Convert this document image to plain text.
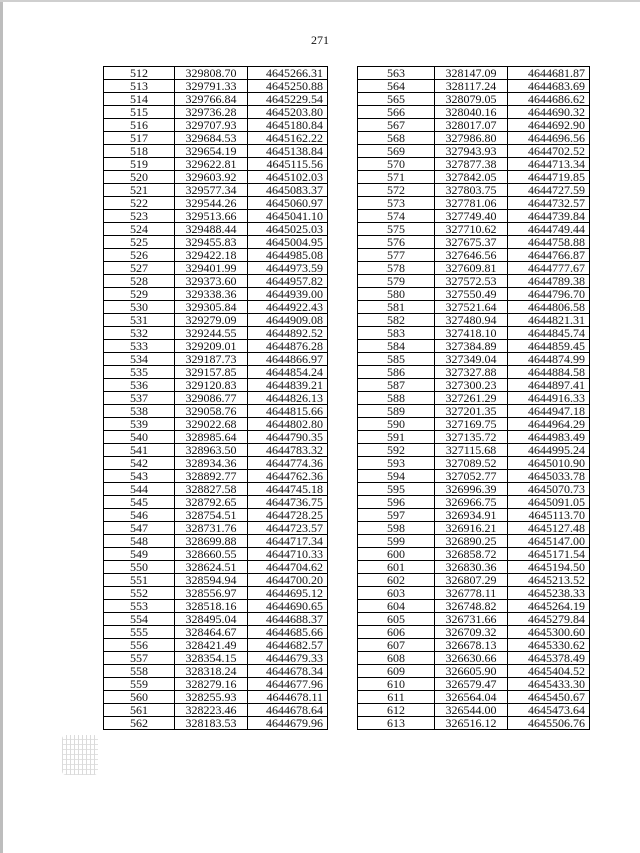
271
512	329808.70	4645266.31
513	329791.33	4645250.88
514	329766.84	4645229.54
515	329736.28	4645203.80
516	329707.93	4645180.84
517	329684.53	4645162.22
518	329654.19	4645138.84
519	329622.81	4645115.56
520	329603.92	4645102.03
521	329577.34	4645083.37
522	329544.26	4645060.97
523	329513.66	4645041.10
524	329488.44	4645025.03
525	329455.83	4645004.95
526	329422.18	4644985.08
527	329401.99	4644973.59
528	329373.60	4644957.82
529	329338.36	4644939.00
530	329305.84	4644922.43
531	329279.09	4644909.08
532	329244.55	4644892.52
533	329209.01	4644876.28
534	329187.73	4644866.97
535	329157.85	4644854.24
536	329120.83	4644839.21
537	329086.77	4644826.13
538	329058.76	4644815.66
539	329022.68	4644802.80
540	328985.64	4644790.35
541	328963.50	4644783.32
542	328934.36	4644774.36
543	328892.77	4644762.36
544	328827.58	4644745.18
545	328792.65	4644736.75
546	328754.51	4644728.25
547	328731.76	4644723.57
548	328699.88	4644717.34
549	328660.55	4644710.33
550	328624.51	4644704.62
551	328594.94	4644700.20
552	328556.97	4644695.12
553	328518.16	4644690.65
554	328495.04	4644688.37
555	328464.67	4644685.66
556	328421.49	4644682.57
557	328354.15	4644679.33
558	328318.24	4644678.34
559	328279.16	4644677.96
560	328255.93	4644678.11
561	328223.46	4644678.64
562	328183.53	4644679.96
563	328147.09	4644681.87
564	328117.24	4644683.69
565	328079.05	4644686.62
566	328040.16	4644690.32
567	328017.07	4644692.90
568	327986.80	4644696.56
569	327943.93	4644702.52
570	327877.38	4644713.34
571	327842.05	4644719.85
572	327803.75	4644727.59
573	327781.06	4644732.57
574	327749.40	4644739.84
575	327710.62	4644749.44
576	327675.37	4644758.88
577	327646.56	4644766.87
578	327609.81	4644777.67
579	327572.53	4644789.38
580	327550.49	4644796.70
581	327521.64	4644806.58
582	327480.94	4644821.31
583	327418.10	4644845.74
584	327384.89	4644859.45
585	327349.04	4644874.99
586	327327.88	4644884.58
587	327300.23	4644897.41
588	327261.29	4644916.33
589	327201.35	4644947.18
590	327169.75	4644964.29
591	327135.72	4644983.49
592	327115.68	4644995.24
593	327089.52	4645010.90
594	327052.77	4645033.78
595	326996.39	4645070.73
596	326966.75	4645091.05
597	326934.91	4645113.70
598	326916.21	4645127.48
599	326890.25	4645147.00
600	326858.72	4645171.54
601	326830.36	4645194.50
602	326807.29	4645213.52
603	326778.11	4645238.33
604	326748.82	4645264.19
605	326731.66	4645279.84
606	326709.32	4645300.60
607	326678.13	4645330.62
608	326630.66	4645378.49
609	326605.90	4645404.52
610	326579.47	4645433.30
611	326564.04	4645450.67
612	326544.00	4645473.64
613	326516.12	4645506.76
